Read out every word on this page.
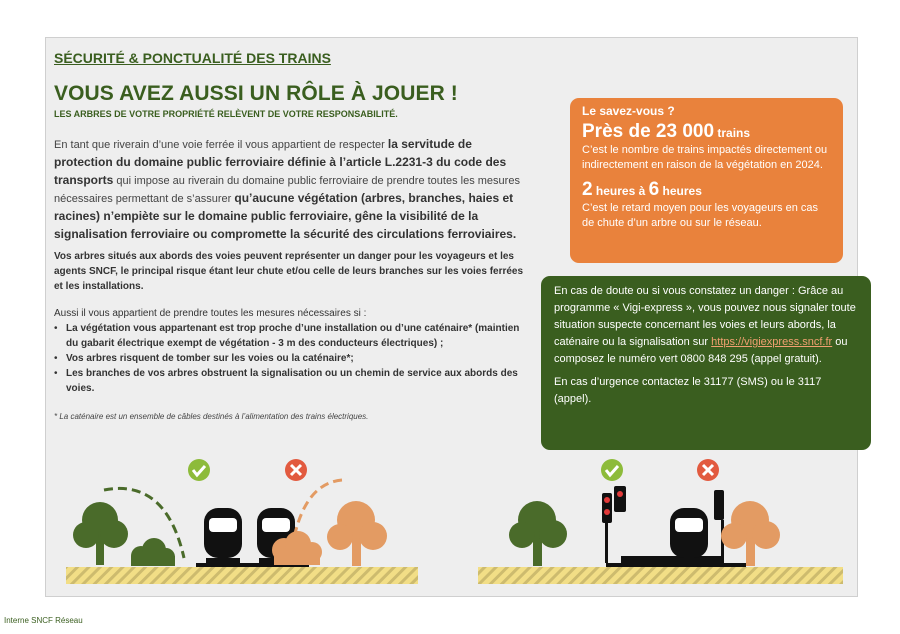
SÉCURITÉ & PONCTUALITÉ DES TRAINS
VOUS AVEZ AUSSI UN RÔLE À JOUER !
LES ARBRES DE VOTRE PROPRIÉTÉ RELÈVENT DE VOTRE RESPONSABILITÉ.
En tant que riverain d’une voie ferrée il vous appartient de respecter la servitude de protection du domaine public ferroviaire définie à l’article L.2231-3 du code des transports qui impose au riverain du domaine public ferroviaire de prendre toutes les mesures nécessaires permettant de s’assurer qu’aucune végétation (arbres, branches, haies et racines) n’empiète sur le domaine public ferroviaire, gêne la visibilité de la signalisation ferroviaire ou compromette la sécurité des circulations ferroviaires.
Vos arbres situés aux abords des voies peuvent représenter un danger pour les voyageurs et les agents SNCF, le principal risque étant leur chute et/ou celle de leurs branches sur les voies ferrées et les installations.
Aussi il vous appartient de prendre toutes les mesures nécessaires si :
• La végétation vous appartenant est trop proche d’une installation ou d’une caténaire* (maintien du gabarit électrique exempt de végétation - 3 m des conducteurs électriques) ;
• Vos arbres risquent de tomber sur les voies ou la caténaire*;
• Les branches de vos arbres obstruent la signalisation ou un chemin de service aux abords des voies.
* La caténaire est un ensemble de câbles destinés à l’alimentation des trains électriques.
Le savez-vous ?
Près de 23 000 trains
C’est le nombre de trains impactés directement ou indirectement en raison de la végétation en 2024.
2 heures à 6 heures
C’est le retard moyen pour les voyageurs en cas de chute d’un arbre ou sur le réseau.
En cas de doute ou si vous constatez un danger : Grâce au programme « Vigi-express », vous pouvez nous signaler toute situation suspecte concernant les voies et leurs abords, la caténaire ou la signalisation sur https://vigiexpress.sncf.fr ou composez le numéro vert 0800 848 295 (appel gratuit).
En cas d’urgence contactez le 31177 (SMS) ou le 3117 (appel).
Interne SNCF Réseau
